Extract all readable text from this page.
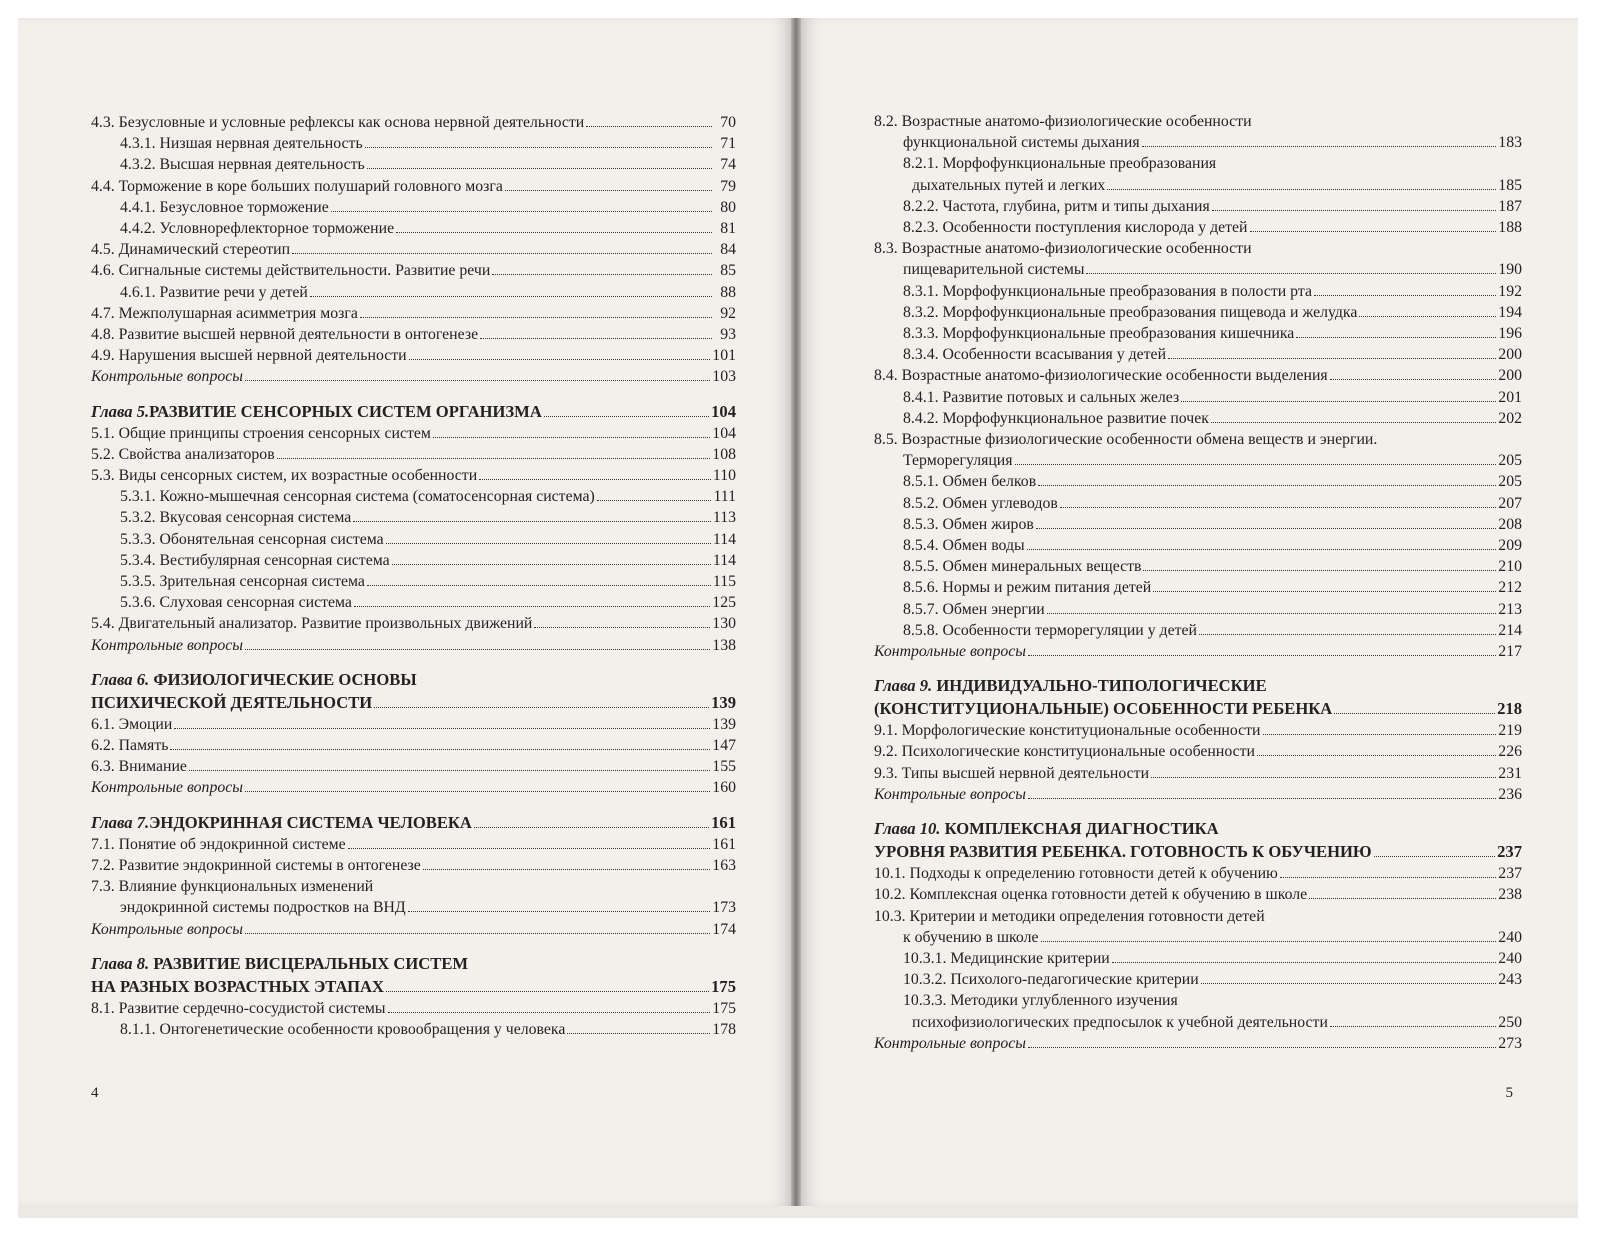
4.3. Безусловные и условные рефлексы как основа нервной деятельности	70
4.3.1. Низшая нервная деятельность	71
4.3.2. Высшая нервная деятельность	74
4.4. Торможение в коре больших полушарий головного мозга	79
4.4.1. Безусловное торможение	80
4.4.2. Условнорефлекторное торможение	81
4.5. Динамический стереотип	84
4.6. Сигнальные системы действительности. Развитие речи	85
4.6.1. Развитие речи у детей	88
4.7. Межполушарная асимметрия мозга	92
4.8. Развитие высшей нервной деятельности в онтогенезе	93
4.9. Нарушения высшей нервной деятельности	101
Контрольные вопросы	103
Глава 5. РАЗВИТИЕ СЕНСОРНЫХ СИСТЕМ ОРГАНИЗМА	104
5.1. Общие принципы строения сенсорных систем	104
5.2. Свойства анализаторов	108
5.3. Виды сенсорных систем, их возрастные особенности	110
5.3.1. Кожно-мышечная сенсорная система (соматосенсорная система)	111
5.3.2. Вкусовая сенсорная система	113
5.3.3. Обонятельная сенсорная система	114
5.3.4. Вестибулярная сенсорная система	114
5.3.5. Зрительная сенсорная система	115
5.3.6. Слуховая сенсорная система	125
5.4. Двигательный анализатор. Развитие произвольных движений	130
Контрольные вопросы	138
Глава 6. ФИЗИОЛОГИЧЕСКИЕ ОСНОВЫ
ПСИХИЧЕСКОЙ ДЕЯТЕЛЬНОСТИ	139
6.1. Эмоции	139
6.2. Память	147
6.3. Внимание	155
Контрольные вопросы	160
Глава 7. ЭНДОКРИННАЯ СИСТЕМА ЧЕЛОВЕКА	161
7.1. Понятие об эндокринной системе	161
7.2. Развитие эндокринной системы в онтогенезе	163
7.3. Влияние функциональных изменений
эндокринной системы подростков на ВНД	173
Контрольные вопросы	174
Глава 8. РАЗВИТИЕ ВИСЦЕРАЛЬНЫХ СИСТЕМ
НА РАЗНЫХ ВОЗРАСТНЫХ ЭТАПАХ	175
8.1. Развитие сердечно-сосудистой системы	175
8.1.1. Онтогенетические особенности кровообращения у человека	178
4
8.2. Возрастные анатомо-физиологические особенности
функциональной системы дыхания	183
8.2.1. Морфофункциональные преобразования
дыхательных путей и легких	185
8.2.2. Частота, глубина, ритм и типы дыхания	187
8.2.3. Особенности поступления кислорода у детей	188
8.3. Возрастные анатомо-физиологические особенности
пищеварительной системы	190
8.3.1. Морфофункциональные преобразования в полости рта	192
8.3.2. Морфофункциональные преобразования пищевода и желудка	194
8.3.3. Морфофункциональные преобразования кишечника	196
8.3.4. Особенности всасывания у детей	200
8.4. Возрастные анатомо-физиологические особенности выделения	200
8.4.1. Развитие потовых и сальных желез	201
8.4.2. Морфофункциональное развитие почек	202
8.5. Возрастные физиологические особенности обмена веществ и энергии.
Терморегуляция	205
8.5.1. Обмен белков	205
8.5.2. Обмен углеводов	207
8.5.3. Обмен жиров	208
8.5.4. Обмен воды	209
8.5.5. Обмен минеральных веществ	210
8.5.6. Нормы и режим питания детей	212
8.5.7. Обмен энергии	213
8.5.8. Особенности терморегуляции у детей	214
Контрольные вопросы	217
Глава 9. ИНДИВИДУАЛЬНО-ТИПОЛОГИЧЕСКИЕ
(КОНСТИТУЦИОНАЛЬНЫЕ) ОСОБЕННОСТИ РЕБЕНКА	218
9.1. Морфологические конституциональные особенности	219
9.2. Психологические конституциональные особенности	226
9.3. Типы высшей нервной деятельности	231
Контрольные вопросы	236
Глава 10. КОМПЛЕКСНАЯ ДИАГНОСТИКА
УРОВНЯ РАЗВИТИЯ РЕБЕНКА. ГОТОВНОСТЬ К ОБУЧЕНИЮ	237
10.1. Подходы к определению готовности детей к обучению	237
10.2. Комплексная оценка готовности детей к обучению в школе	238
10.3. Критерии и методики определения готовности детей
к обучению в школе	240
10.3.1. Медицинские критерии	240
10.3.2. Психолого-педагогические критерии	243
10.3.3. Методики углубленного изучения
психофизиологических предпосылок к учебной деятельности	250
Контрольные вопросы	273
5
